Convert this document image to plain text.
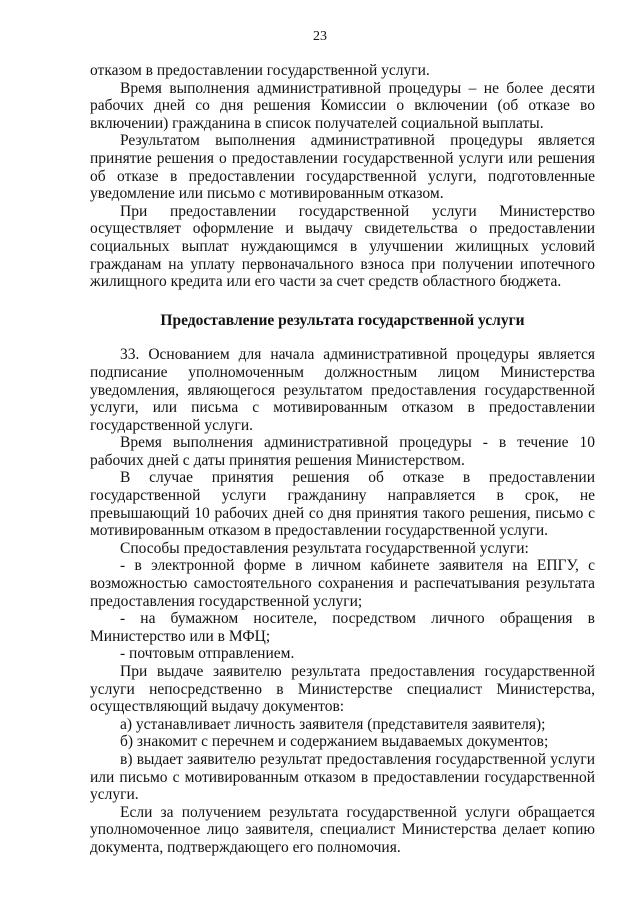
23

отказом в предоставлении государственной услуги.

Время выполнения административной процедуры – не более десяти рабочих дней со дня решения Комиссии о включении (об отказе во включении) гражданина в список получателей социальной выплаты.

Результатом выполнения административной процедуры является принятие решения о предоставлении государственной услуги или решения об отказе в предоставлении государственной услуги, подготовленные уведомление или письмо с мотивированным отказом.

При предоставлении государственной услуги Министерство осуществляет оформление и выдачу свидетельства о предоставлении социальных выплат нуждающимся в улучшении жилищных условий гражданам на уплату первоначального взноса при получении ипотечного жилищного кредита или его части за счет средств областного бюджета.

Предоставление результата государственной услуги

33. Основанием для начала административной процедуры является подписание уполномоченным должностным лицом Министерства уведомления, являющегося результатом предоставления государственной услуги, или письма с мотивированным отказом в предоставлении государственной услуги.

Время выполнения административной процедуры - в течение 10 рабочих дней с даты принятия решения Министерством.

В случае принятия решения об отказе в предоставлении государственной услуги гражданину направляется в срок, не превышающий 10 рабочих дней со дня принятия такого решения, письмо с мотивированным отказом в предоставлении государственной услуги.

Способы предоставления результата государственной услуги:

- в электронной форме в личном кабинете заявителя на ЕПГУ, с возможностью самостоятельного сохранения и распечатывания результата предоставления государственной услуги;

- на бумажном носителе, посредством личного обращения в Министерство или в МФЦ;

- почтовым отправлением.

При выдаче заявителю результата предоставления государственной услуги непосредственно в Министерстве специалист Министерства, осуществляющий выдачу документов:

а) устанавливает личность заявителя (представителя заявителя);

б) знакомит с перечнем и содержанием выдаваемых документов;

в) выдает заявителю результат предоставления государственной услуги или письмо с мотивированным отказом в предоставлении государственной услуги.

Если за получением результата государственной услуги обращается уполномоченное лицо заявителя, специалист Министерства делает копию документа, подтверждающего его полномочия.
